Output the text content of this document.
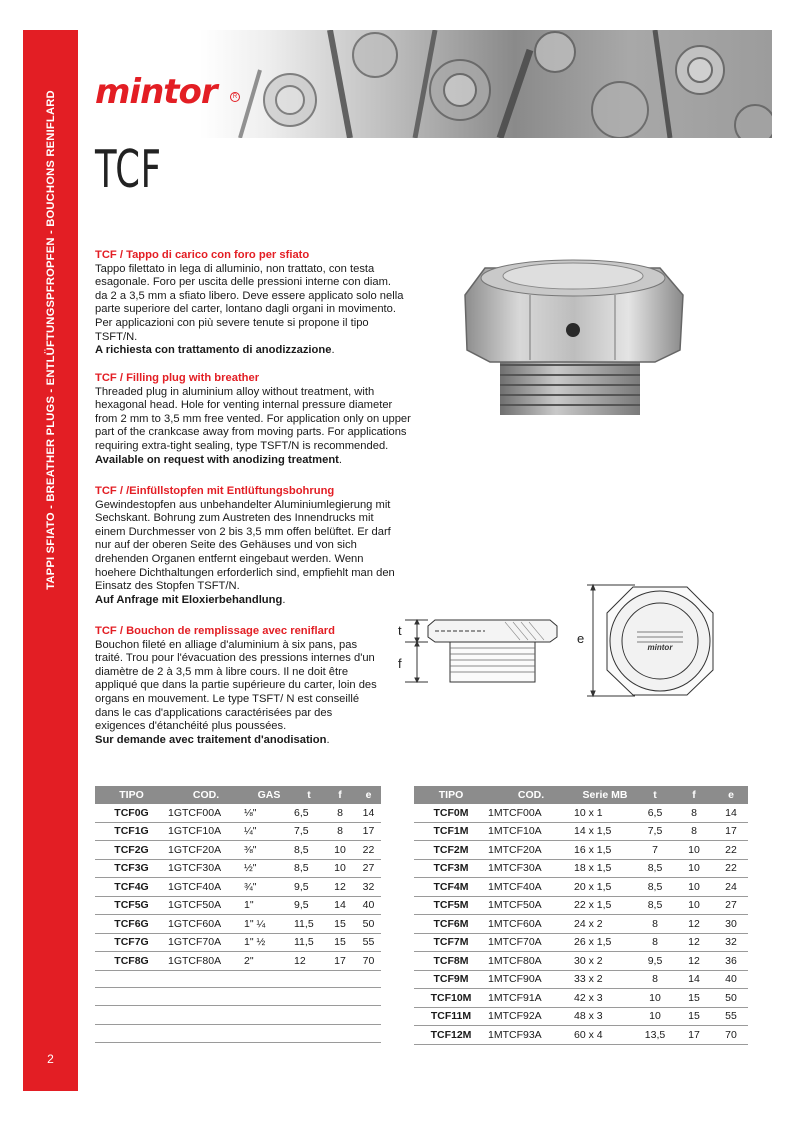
TAPPI SFIATO - BREATHER PLUGS - ENTLÜFTUNGSPFROPFEN - BOUCHONS RENIFLARD
2
mintor	R
TCF

TCF / Tappo di carico con foro per sfiato

Tappo filettato in lega di alluminio, non trattato, con testa esagonale. Foro per uscita delle pressioni interne con diam. da 2 a 3,5 mm a sfiato libero. Deve essere applicato solo nella parte superiore del carter, lontano dagli organi in movimento. Per applicazioni con più severe tenute si propone il tipo TSFT/N.

A richiesta con trattamento di anodizzazione.

TCF / Filling plug with breather

Threaded plug in aluminium alloy without treatment, with hexagonal head. Hole for venting internal pressure diameter from 2 mm to 3,5 mm free vented. For application only on upper part of the crankcase away from moving parts. For applications requiring extra-tight sealing, type TSFT/N is recommended.

Available on request with anodizing treatment.

TCF / /Einfüllstopfen mit Entlüftungsbohrung

Gewindestopfen aus unbehandelter Aluminiumlegierung mit Sechskant. Bohrung zum Austreten des Innendrucks mit einem Durchmesser von 2 bis 3,5 mm offen belüftet. Er darf nur auf der oberen Seite des Gehäuses und von sich drehenden Organen entfernt eingebaut werden. Wenn hoehere Dichthaltungen erforderlich sind, empfiehlt man den Einsatz des Stopfen TSFT/N.

Auf Anfrage mit Eloxierbehandlung.

TCF / Bouchon de remplissage avec reniflard

Bouchon fileté en alliage d'aluminium à six pans, pas traité. Trou pour l'évacuation des pressions internes d'un diamètre de 2 à 3,5 mm à libre cours. Il ne doit être appliqué que dans la partie supérieure du carter, loin des organs en mouvement. Le type TSFT/ N est conseillé dans le cas d'applications caractérisées par des exigences d'étanchéité plus poussées.

Sur demande avec traitement d'anodisation.

t
f
mintor
e
TIPO	COD.	GAS	t	f	e
TCF0G	1GTCF00A	⅛"	6,5	8	14
TCF1G	1GTCF10A	¼"	7,5	8	17
TCF2G	1GTCF20A	⅜"	8,5	10	22
TCF3G	1GTCF30A	½"	8,5	10	27
TCF4G	1GTCF40A	¾"	9,5	12	32
TCF5G	1GTCF50A	1"	9,5	14	40
TCF6G	1GTCF60A	1" ¼	11,5	15	50
TCF7G	1GTCF70A	1" ½	11,5	15	55
TCF8G	1GTCF80A	2"	12	17	70
TIPO	COD.	Serie MB	t	f	e
TCF0M	1MTCF00A	10 x 1	6,5	8	14
TCF1M	1MTCF10A	14 x 1,5	7,5	8	17
TCF2M	1MTCF20A	16 x 1,5	7	10	22
TCF3M	1MTCF30A	18 x 1,5	8,5	10	22
TCF4M	1MTCF40A	20 x 1,5	8,5	10	24
TCF5M	1MTCF50A	22 x 1,5	8,5	10	27
TCF6M	1MTCF60A	24 x 2	8	12	30
TCF7M	1MTCF70A	26 x 1,5	8	12	32
TCF8M	1MTCF80A	30 x 2	9,5	12	36
TCF9M	1MTCF90A	33 x 2	8	14	40
TCF10M	1MTCF91A	42 x 3	10	15	50
TCF11M	1MTCF92A	48 x 3	10	15	55
TCF12M	1MTCF93A	60 x 4	13,5	17	70
